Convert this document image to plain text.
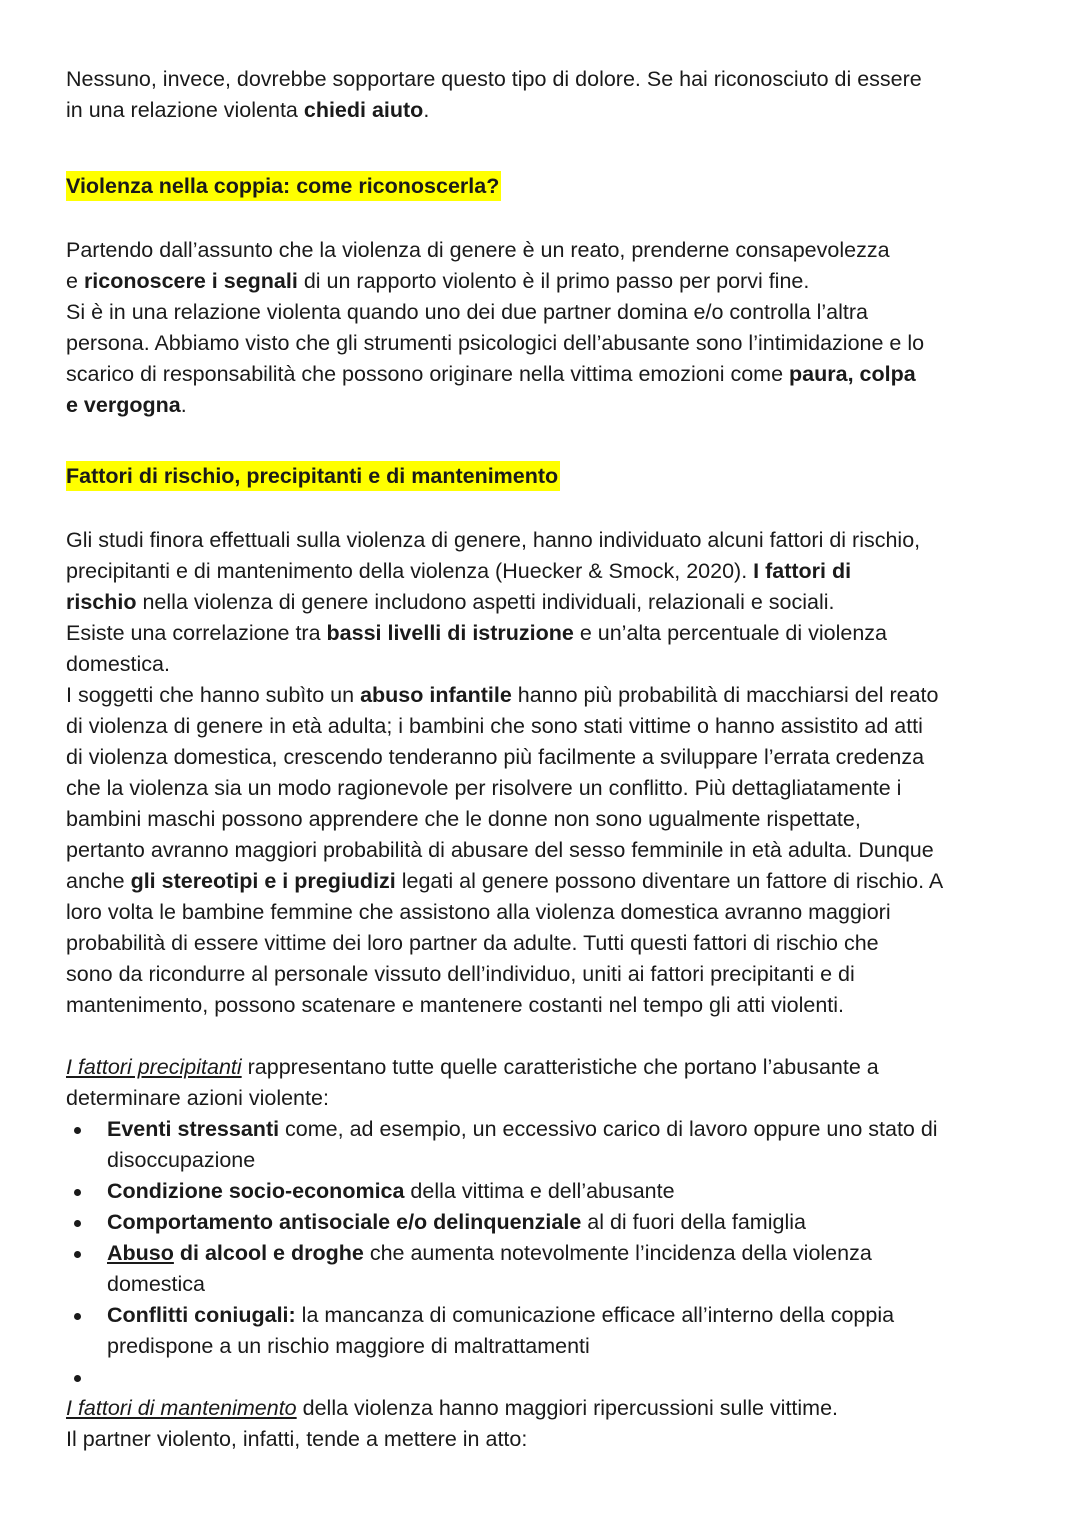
Nessuno, invece, dovrebbe sopportare questo tipo di dolore. Se hai riconosciuto di essere
in una relazione violenta chiedi aiuto.

Violenza nella coppia: come riconoscerla?

Partendo dall’assunto che la violenza di genere è un reato, prenderne consapevolezza
e riconoscere i segnali di un rapporto violento è il primo passo per porvi fine.
Si è in una relazione violenta quando uno dei due partner domina e/o controlla l’altra
persona. Abbiamo visto che gli strumenti psicologici dell’abusante sono l’intimidazione e lo
scarico di responsabilità che possono originare nella vittima emozioni come paura, colpa
e vergogna.

Fattori di rischio, precipitanti e di mantenimento

Gli studi finora effettuali sulla violenza di genere, hanno individuato alcuni fattori di rischio,
precipitanti e di mantenimento della violenza (Huecker & Smock, 2020). I fattori di
rischio nella violenza di genere includono aspetti individuali, relazionali e sociali.
Esiste una correlazione tra bassi livelli di istruzione e un’alta percentuale di violenza
domestica.
I soggetti che hanno subìto un abuso infantile hanno più probabilità di macchiarsi del reato
di violenza di genere in età adulta; i bambini che sono stati vittime o hanno assistito ad atti
di violenza domestica, crescendo tenderanno più facilmente a sviluppare l’errata credenza
che la violenza sia un modo ragionevole per risolvere un conflitto. Più dettagliatamente i
bambini maschi possono apprendere che le donne non sono ugualmente rispettate,
pertanto avranno maggiori probabilità di abusare del sesso femminile in età adulta. Dunque
anche gli stereotipi e i pregiudizi legati al genere possono diventare un fattore di rischio. A
loro volta le bambine femmine che assistono alla violenza domestica avranno maggiori
probabilità di essere vittime dei loro partner da adulte. Tutti questi fattori di rischio che
sono da ricondurre al personale vissuto dell’individuo, uniti ai fattori precipitanti e di
mantenimento, possono scatenare e mantenere costanti nel tempo gli atti violenti.

I fattori precipitanti rappresentano tutte quelle caratteristiche che portano l’abusante a
determinare azioni violente:

Eventi stressanti come, ad esempio, un eccessivo carico di lavoro oppure uno stato di
disoccupazione
Condizione socio-economica della vittima e dell’abusante
Comportamento antisociale e/o delinquenziale al di fuori della famiglia
Abuso di alcool e droghe che aumenta notevolmente l’incidenza della violenza
domestica
Conflitti coniugali: la mancanza di comunicazione efficace all’interno della coppia
predispone a un rischio maggiore di maltrattamenti

I fattori di mantenimento della violenza hanno maggiori ripercussioni sulle vittime.
Il partner violento, infatti, tende a mettere in atto:
